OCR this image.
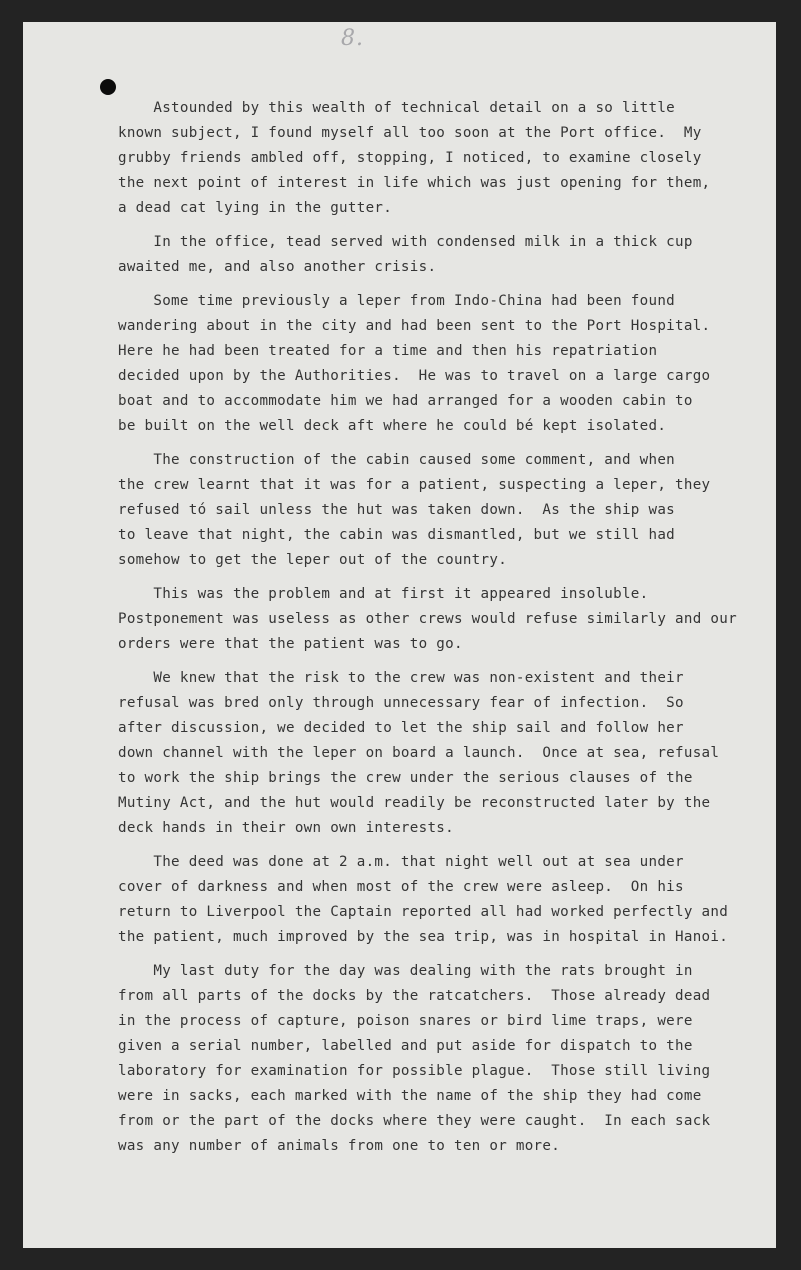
8.
Astounded by this wealth of technical detail on a so little
known subject, I found myself all too soon at the Port office.  My
grubby friends ambled off, stopping, I noticed, to examine closely
the next point of interest in life which was just opening for them,
a dead cat lying in the gutter.
In the office, tead served with condensed milk in a thick cup
awaited me, and also another crisis.
Some time previously a leper from Indo-China had been found
wandering about in the city and had been sent to the Port Hospital.
Here he had been treated for a time and then his repatriation
decided upon by the Authorities.  He was to travel on a large cargo
boat and to accommodate him we had arranged for a wooden cabin to
be built on the well deck aft where he could bé kept isolated.
The construction of the cabin caused some comment, and when
the crew learnt that it was for a patient, suspecting a leper, they
refused tó sail unless the hut was taken down.  As the ship was
to leave that night, the cabin was dismantled, but we still had
somehow to get the leper out of the country.
This was the problem and at first it appeared insoluble.
Postponement was useless as other crews would refuse similarly and our
orders were that the patient was to go.
We knew that the risk to the crew was non-existent and their
refusal was bred only through unnecessary fear of infection.  So
after discussion, we decided to let the ship sail and follow her
down channel with the leper on board a launch.  Once at sea, refusal
to work the ship brings the crew under the serious clauses of the
Mutiny Act, and the hut would readily be reconstructed later by the
deck hands in their own own interests.
The deed was done at 2 a.m. that night well out at sea under
cover of darkness and when most of the crew were asleep.  On his
return to Liverpool the Captain reported all had worked perfectly and
the patient, much improved by the sea trip, was in hospital in Hanoi.
My last duty for the day was dealing with the rats brought in
from all parts of the docks by the ratcatchers.  Those already dead
in the process of capture, poison snares or bird lime traps, were
given a serial number, labelled and put aside for dispatch to the
laboratory for examination for possible plague.  Those still living
were in sacks, each marked with the name of the ship they had come
from or the part of the docks where they were caught.  In each sack
was any number of animals from one to ten or more.
